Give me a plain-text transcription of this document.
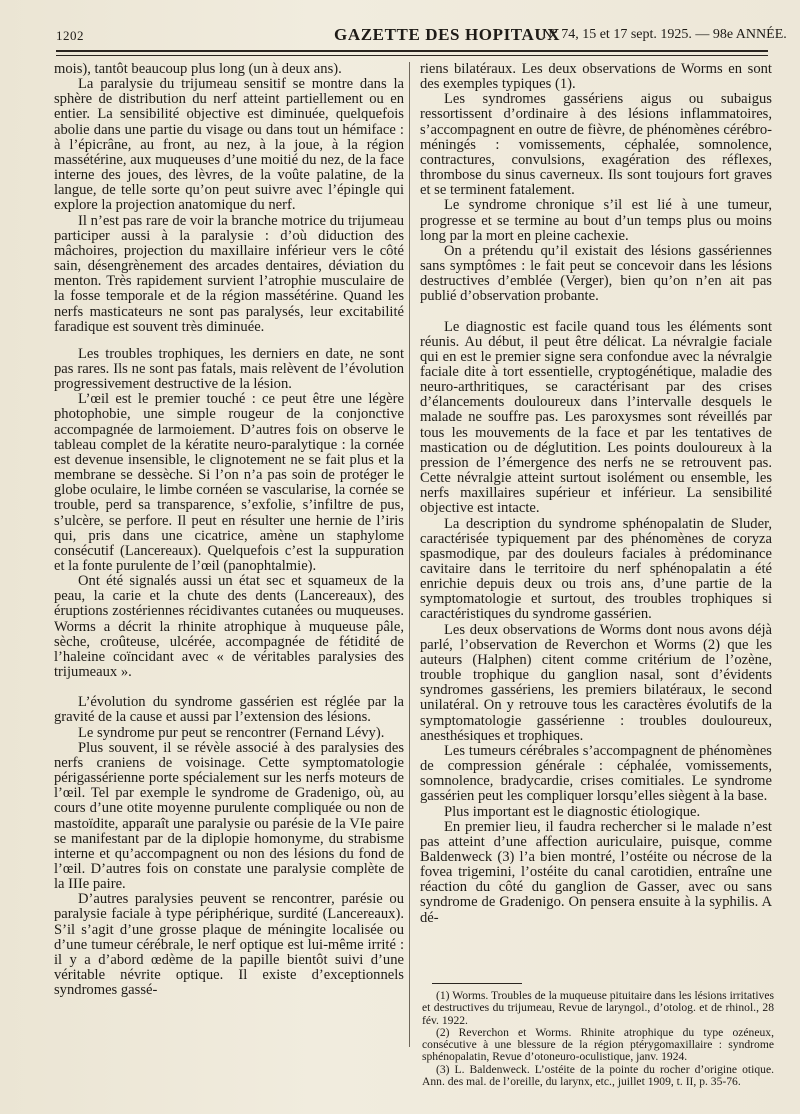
1202	GAZETTE DES HOPITAUX
N° 74, 15 et 17 sept. 1925. — 98e ANNÉE.

mois), tantôt beaucoup plus long (un à deux ans).

La paralysie du trijumeau sensitif se montre dans la sphère de distribution du nerf atteint partiellement ou en entier. La sensibilité objective est diminuée, quelquefois abolie dans une partie du visage ou dans tout un hémiface : à l’épicrâne, au front, au nez, à la joue, à la région massétérine, aux muqueuses d’une moitié du nez, de la face interne des joues, des lèvres, de la voûte palatine, de la langue, de telle sorte qu’on peut suivre avec l’épingle qui explore la projection anatomique du nerf.

Il n’est pas rare de voir la branche motrice du trijumeau participer aussi à la paralysie : d’où diduction des mâchoires, projection du maxillaire inférieur vers le côté sain, désengrènement des arcades dentaires, déviation du menton. Très rapidement survient l’atrophie musculaire de la fosse temporale et de la région massétérine. Quand les nerfs masticateurs ne sont pas paralysés, leur excitabilité faradique est souvent très diminuée.

Les troubles trophiques, les derniers en date, ne sont pas rares. Ils ne sont pas fatals, mais relèvent de l’évolution progressivement destructive de la lésion.

L’œil est le premier touché : ce peut être une légère photophobie, une simple rougeur de la conjonctive accompagnée de larmoiement. D’autres fois on observe le tableau complet de la kératite neuro-paralytique : la cornée est devenue insensible, le clignotement ne se fait plus et la membrane se dessèche. Si l’on n’a pas soin de protéger le globe oculaire, le limbe cornéen se vascularise, la cornée se trouble, perd sa transparence, s’exfolie, s’infiltre de pus, s’ulcère, se perfore. Il peut en résulter une hernie de l’iris qui, pris dans une cicatrice, amène un staphylome consécutif (Lancereaux). Quelquefois c’est la suppuration et la fonte purulente de l’œil (panophtalmie).

Ont été signalés aussi un état sec et squameux de la peau, la carie et la chute des dents (Lancereaux), des éruptions zostériennes récidivantes cutanées ou muqueuses. Worms a décrit la rhinite atrophique à muqueuse pâle, sèche, croûteuse, ulcérée, accompagnée de fétidité de l’haleine coïncidant avec « de véritables paralysies des trijumeaux ».

L’évolution du syndrome gassérien est réglée par la gravité de la cause et aussi par l’extension des lésions.

Le syndrome pur peut se rencontrer (Fernand Lévy).

Plus souvent, il se révèle associé à des paralysies des nerfs craniens de voisinage. Cette symptomatologie périgassérienne porte spécialement sur les nerfs moteurs de l’œil. Tel par exemple le syndrome de Gradenigo, où, au cours d’une otite moyenne purulente compliquée ou non de mastoïdite, apparaît une paralysie ou parésie de la VIe paire se manifestant par de la diplopie homonyme, du strabisme interne et qu’accompagnent ou non des lésions du fond de l’œil. D’autres fois on constate une paralysie complète de la IIIe paire.

D’autres paralysies peuvent se rencontrer, parésie ou paralysie faciale à type périphérique, surdité (Lancereaux). S’il s’agit d’une grosse plaque de méningite localisée ou d’une tumeur cérébrale, le nerf optique est lui-même irrité : il y a d’abord œdème de la papille bientôt suivi d’une véritable névrite optique. Il existe d’exceptionnels syndromes gassé-

riens bilatéraux. Les deux observations de Worms en sont des exemples typiques (1).

Les syndromes gassériens aigus ou subaigus ressortissent d’ordinaire à des lésions inflammatoires, s’accompagnent en outre de fièvre, de phénomènes cérébro-méningés : vomissements, céphalée, somnolence, contractures, convulsions, exagération des réflexes, thrombose du sinus caverneux. Ils sont toujours fort graves et se terminent fatalement.

Le syndrome chronique s’il est lié à une tumeur, progresse et se termine au bout d’un temps plus ou moins long par la mort en pleine cachexie.

On a prétendu qu’il existait des lésions gassériennes sans symptômes : le fait peut se concevoir dans les lésions destructives d’emblée (Verger), bien qu’on n’en ait pas publié d’observation probante.

Le diagnostic est facile quand tous les éléments sont réunis. Au début, il peut être délicat. La névralgie faciale qui en est le premier signe sera confondue avec la névralgie faciale dite à tort essentielle, cryptogénétique, maladie des neuro-arthritiques, se caractérisant par des crises d’élancements douloureux dans l’intervalle desquels le malade ne souffre pas. Les paroxysmes sont réveillés par tous les mouvements de la face et par les tentatives de mastication ou de déglutition. Les points douloureux à la pression de l’émergence des nerfs ne se retrouvent pas. Cette névralgie atteint surtout isolément ou ensemble, les nerfs maxillaires supérieur et inférieur. La sensibilité objective est intacte.

La description du syndrome sphénopalatin de Sluder, caractérisée typiquement par des phénomènes de coryza spasmodique, par des douleurs faciales à prédominance cavitaire dans le territoire du nerf sphénopalatin a été enrichie depuis deux ou trois ans, d’une partie de la symptomatologie et surtout, des troubles trophiques si caractéristiques du syndrome gassérien.

Les deux observations de Worms dont nous avons déjà parlé, l’observation de Reverchon et Worms (2) que les auteurs (Halphen) citent comme critérium de l’ozène, trouble trophique du ganglion nasal, sont d’évidents syndromes gassériens, les premiers bilatéraux, le second unilatéral. On y retrouve tous les caractères évolutifs de la symptomatologie gassérienne : troubles douloureux, anesthésiques et trophiques.

Les tumeurs cérébrales s’accompagnent de phénomènes de compression générale : céphalée, vomissements, somnolence, bradycardie, crises comitiales. Le syndrome gassérien peut les compliquer lorsqu’elles siègent à la base.

Plus important est le diagnostic étiologique.

En premier lieu, il faudra rechercher si le malade n’est pas atteint d’une affection auriculaire, puisque, comme Baldenweck (3) l’a bien montré, l’ostéite ou nécrose de la fovea trigemini, l’ostéite du canal carotidien, entraîne une réaction du côté du ganglion de Gasser, avec ou sans syndrome de Gradenigo. On pensera ensuite à la syphilis. A dé-

(1) Worms. Troubles de la muqueuse pituitaire dans les lésions irritatives et destructives du trijumeau, Revue de laryngol., d’otolog. et de rhinol., 28 fév. 1922.

(2) Reverchon et Worms. Rhinite atrophique du type ozéneux, consécutive à une blessure de la région ptérygomaxillaire : syndrome sphénopalatin, Revue d’otoneuro-oculistique, janv. 1924.

(3) L. Baldenweck. L’ostéite de la pointe du rocher d’origine otique. Ann. des mal. de l’oreille, du larynx, etc., juillet 1909, t. II, p. 35-76.
